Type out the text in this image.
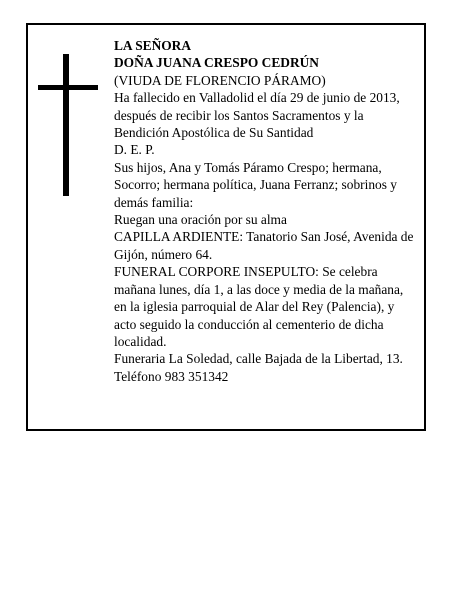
LA SEÑORA
DOÑA JUANA CRESPO CEDRÚN
(VIUDA DE FLORENCIO PÁRAMO)
Ha fallecido en Valladolid el día 29 de junio de 2013, después de recibir los Santos Sacramentos y la Bendición Apostólica de Su Santidad
D. E. P.
Sus hijos, Ana y Tomás Páramo Crespo; hermana, Socorro; hermana política, Juana Ferranz; sobrinos y demás familia:
Ruegan una oración por su alma
CAPILLA ARDIENTE: Tanatorio San José, Avenida de Gijón, número 64.
FUNERAL CORPORE INSEPULTO: Se celebra mañana lunes, día 1, a las doce y media de la mañana, en la iglesia parroquial de Alar del Rey (Palencia), y acto seguido la conducción al cementerio de dicha localidad.
Funeraria La Soledad, calle Bajada de la Libertad, 13. Teléfono 983 351342
